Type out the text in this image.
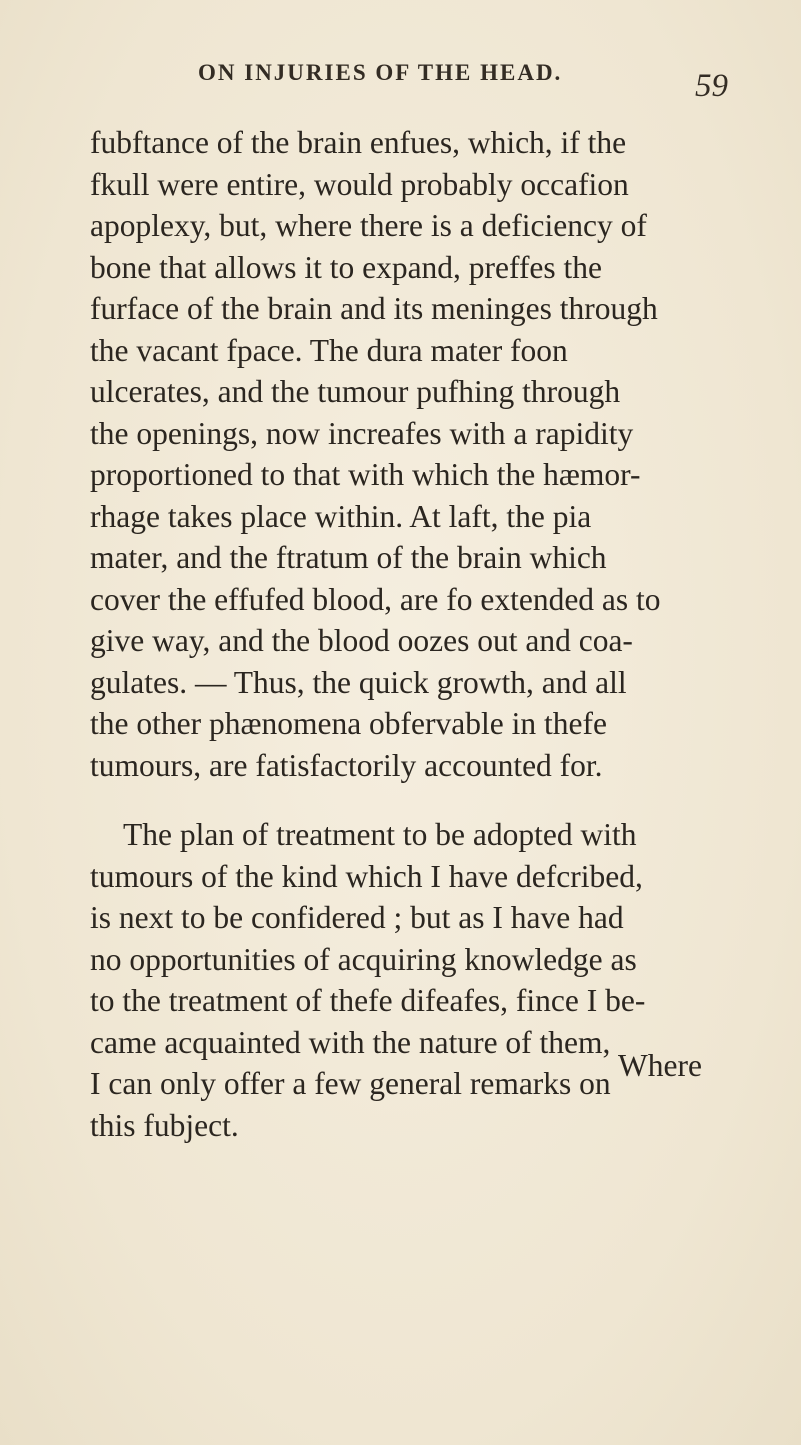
ON INJURIES OF THE HEAD.	59
fubftance of the brain enfues, which, if the
fkull were entire, would probably occafion
apoplexy, but, where there is a deficiency of
bone that allows it to expand, preffes the
furface of the brain and its meninges through
the vacant fpace. The dura mater foon
ulcerates, and the tumour pufhing through
the openings, now increafes with a rapidity
proportioned to that with which the hæmor-
rhage takes place within. At laft, the pia
mater, and the ftratum of the brain which
cover the effufed blood, are fo extended as to
give way, and the blood oozes out and coa-
gulates. — Thus, the quick growth, and all
the other phænomena obfervable in thefe
tumours, are fatisfactorily accounted for.
The plan of treatment to be adopted with
tumours of the kind which I have defcribed,
is next to be confidered ; but as I have had
no opportunities of acquiring knowledge as
to the treatment of thefe difeafes, fince I be-
came acquainted with the nature of them,
I can only offer a few general remarks on
this fubject.
Where
